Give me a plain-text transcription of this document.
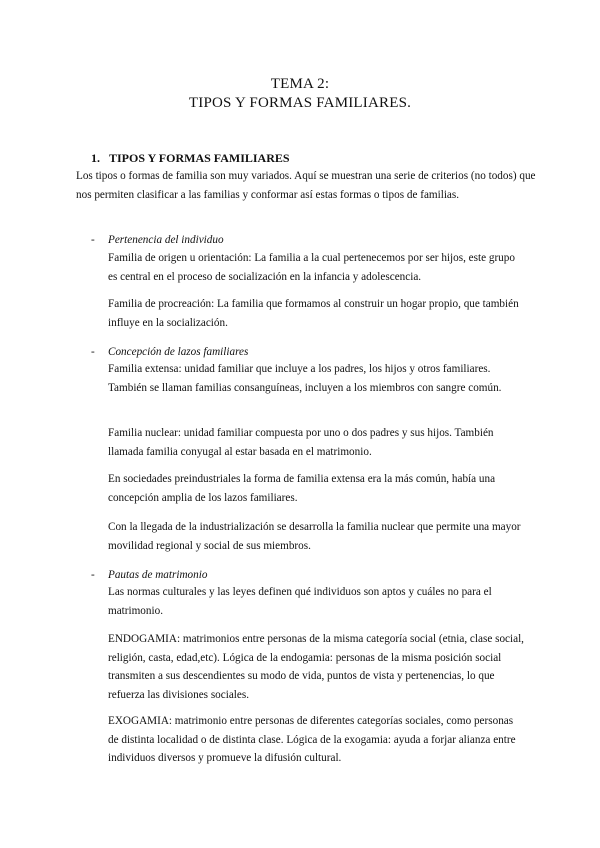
TEMA 2:
TIPOS Y FORMAS FAMILIARES.
1. TIPOS Y FORMAS FAMILIARES

Los tipos o formas de familia son muy variados. Aquí se muestran una serie de criterios (no todos) que nos permiten clasificar a las familias y conformar así estas formas o tipos de familias.

- Pertenencia del individuo

Familia de origen u orientación: La familia a la cual pertenecemos por ser hijos, este grupo es central en el proceso de socialización en la infancia y adolescencia.

Familia de procreación: La familia que formamos al construir un hogar propio, que también influye en la socialización.

- Concepción de lazos familiares

Familia extensa: unidad familiar que incluye a los padres, los hijos y otros familiares. También se llaman familias consanguíneas, incluyen a los miembros con sangre común.

Familia nuclear: unidad familiar compuesta por uno o dos padres y sus hijos. También llamada familia conyugal al estar basada en el matrimonio.

En sociedades preindustriales la forma de familia extensa era la más común, había una concepción amplia de los lazos familiares.

Con la llegada de la industrialización se desarrolla la familia nuclear que permite una mayor movilidad regional y social de sus miembros.

- Pautas de matrimonio

Las normas culturales y las leyes definen qué individuos son aptos y cuáles no para el matrimonio.

ENDOGAMIA: matrimonios entre personas de la misma categoría social (etnia, clase social, religión, casta, edad,etc). Lógica de la endogamia: personas de la misma posición social transmiten a sus descendientes su modo de vida, puntos de vista y pertenencias, lo que refuerza las divisiones sociales.

EXOGAMIA: matrimonio entre personas de diferentes categorías sociales, como personas de distinta localidad o de distinta clase. Lógica de la exogamia: ayuda a forjar alianza entre individuos diversos y promueve la difusión cultural.
